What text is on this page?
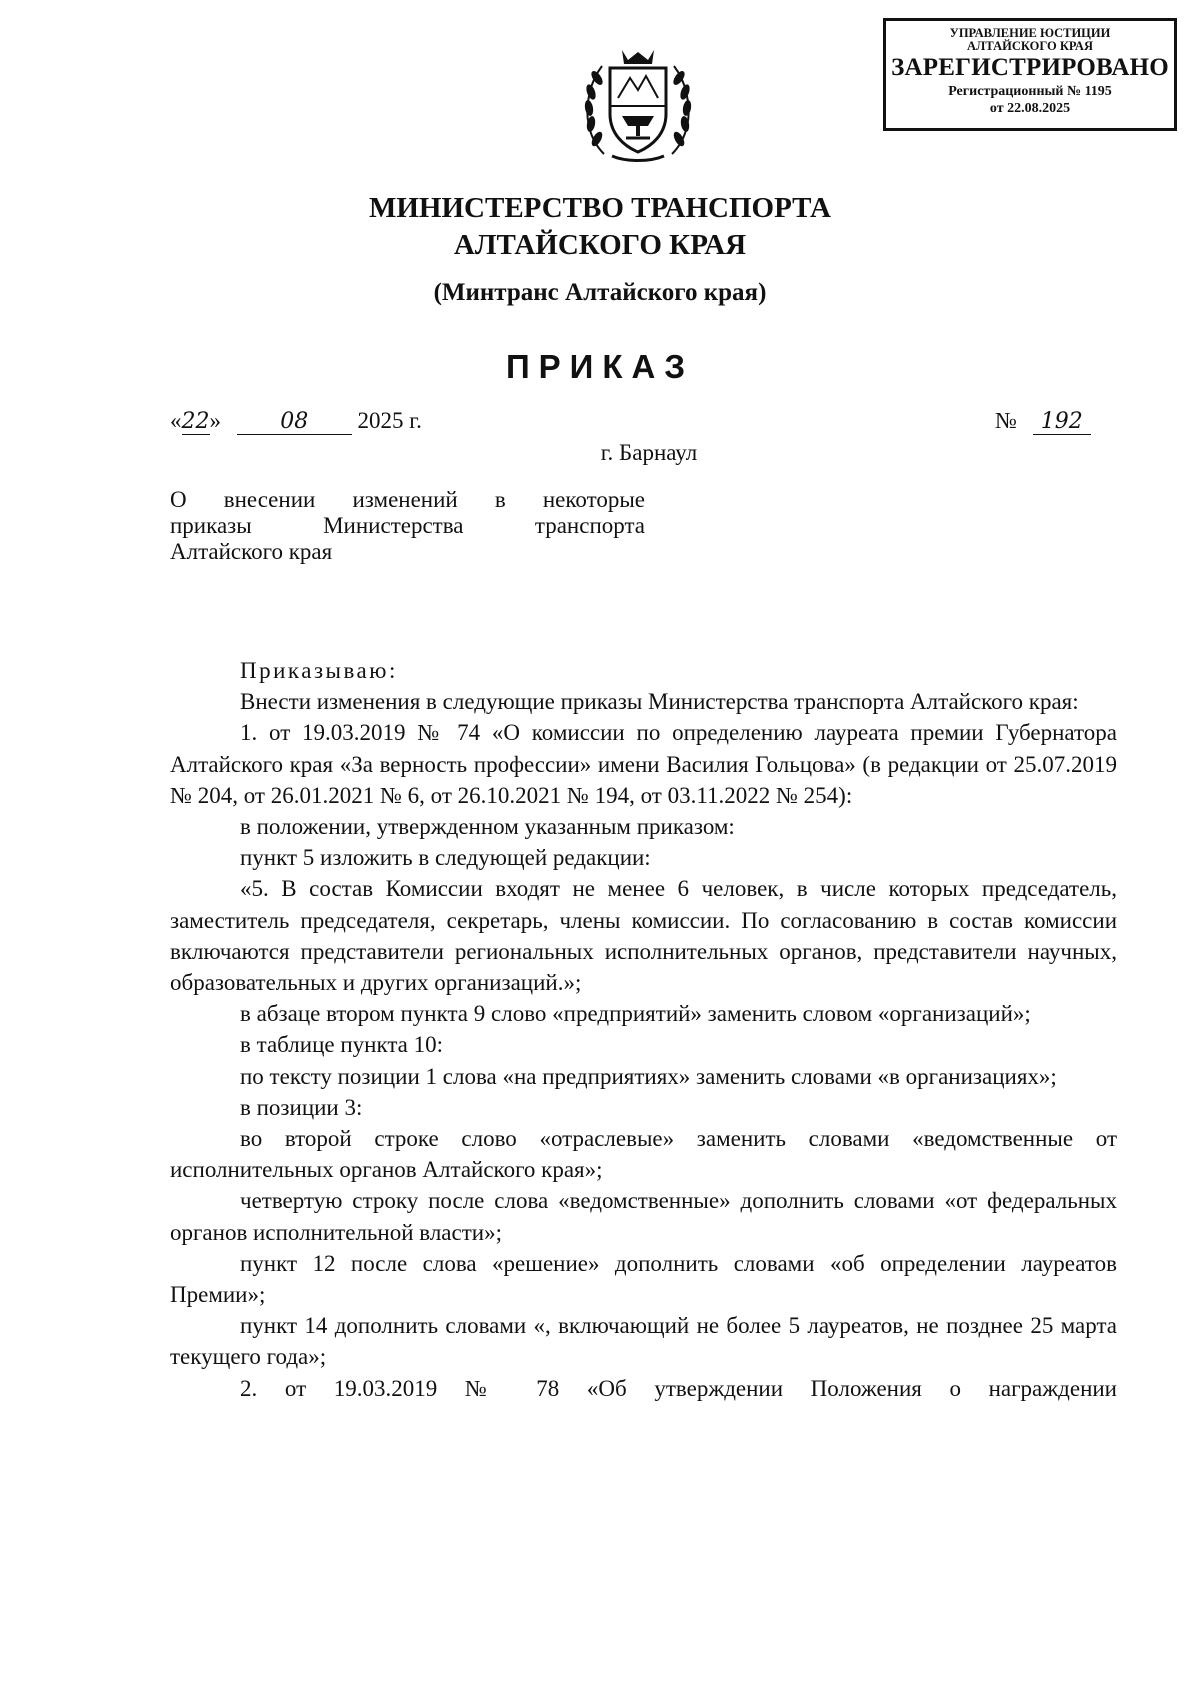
УПРАВЛЕНИЕ ЮСТИЦИИ
АЛТАЙСКОГО КРАЯ
ЗАРЕГИСТРИРОВАНО
Регистрационный № 1195
от 22.08.2025
МИНИСТЕРСТВО ТРАНСПОРТА
АЛТАЙСКОГО КРАЯ
(Минтранс Алтайского края)
ПРИКАЗ
«22»	08 2025 г.	№ 192
г. Барнаул
О внесении изменений в некоторые
приказы Министерства транспорта
Алтайского края

Приказываю:

Внести изменения в следующие приказы Министерства транспорта Алтайского края:

1. от 19.03.2019 № 74 «О комиссии по определению лауреата премии Губернатора Алтайского края «За верность профессии» имени Василия Гольцова» (в редакции от 25.07.2019 № 204, от 26.01.2021 № 6, от 26.10.2021 № 194, от 03.11.2022 № 254):

в положении, утвержденном указанным приказом:

пункт 5 изложить в следующей редакции:

«5. В состав Комиссии входят не менее 6 человек, в числе которых председатель, заместитель председателя, секретарь, члены комиссии. По согласованию в состав комиссии включаются представители региональных исполнительных органов, представители научных, образовательных и других организаций.»;

в абзаце втором пункта 9 слово «предприятий» заменить словом «организаций»;

в таблице пункта 10:

по тексту позиции 1 слова «на предприятиях» заменить словами «в организациях»;

в позиции 3:

во второй строке слово «отраслевые» заменить словами «ведомственные от исполнительных органов Алтайского края»;

четвертую строку после слова «ведомственные» дополнить словами «от федеральных органов исполнительной власти»;

пункт 12 после слова «решение» дополнить словами «об определении лауреатов Премии»;

пункт 14 дополнить словами «, включающий не более 5 лауреатов, не позднее 25 марта текущего года»;

2. от 19.03.2019 № 78 «Об утверждении Положения о награждении
